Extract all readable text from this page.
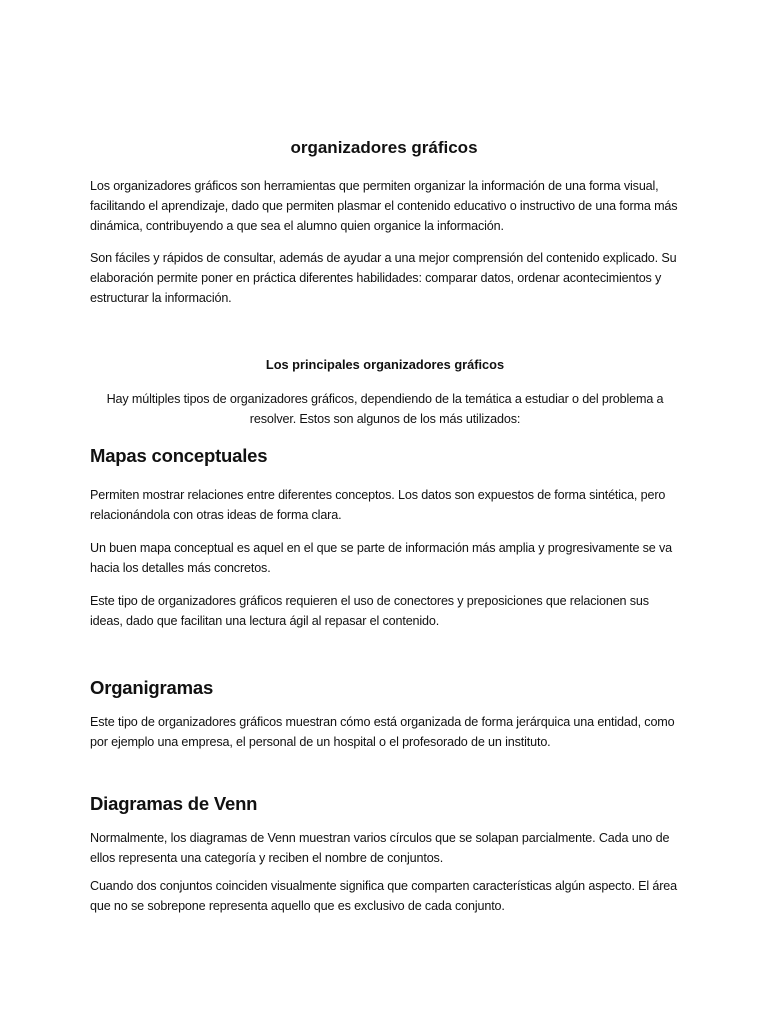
organizadores gráficos

Los organizadores gráficos son herramientas que permiten organizar la información de una forma visual, facilitando el aprendizaje, dado que permiten plasmar el contenido educativo o instructivo de una forma más dinámica, contribuyendo a que sea el alumno quien organice la información.

Son fáciles y rápidos de consultar, además de ayudar a una mejor comprensión del contenido explicado. Su elaboración permite poner en práctica diferentes habilidades: comparar datos, ordenar acontecimientos y estructurar la información.

Los principales organizadores gráficos

Hay múltiples tipos de organizadores gráficos, dependiendo de la temática a estudiar o del problema a resolver. Estos son algunos de los más utilizados:

Mapas conceptuales

Permiten mostrar relaciones entre diferentes conceptos. Los datos son expuestos de forma sintética, pero relacionándola con otras ideas de forma clara.

Un buen mapa conceptual es aquel en el que se parte de información más amplia y progresivamente se va hacia los detalles más concretos.

Este tipo de organizadores gráficos requieren el uso de conectores y preposiciones que relacionen sus ideas, dado que facilitan una lectura ágil al repasar el contenido.

Organigramas

Este tipo de organizadores gráficos muestran cómo está organizada de forma jerárquica una entidad, como por ejemplo una empresa, el personal de un hospital o el profesorado de un instituto.

Diagramas de Venn

Normalmente, los diagramas de Venn muestran varios círculos que se solapan parcialmente. Cada uno de ellos representa una categoría y reciben el nombre de conjuntos.

Cuando dos conjuntos coinciden visualmente significa que comparten características algún aspecto. El área que no se sobrepone representa aquello que es exclusivo de cada conjunto.
